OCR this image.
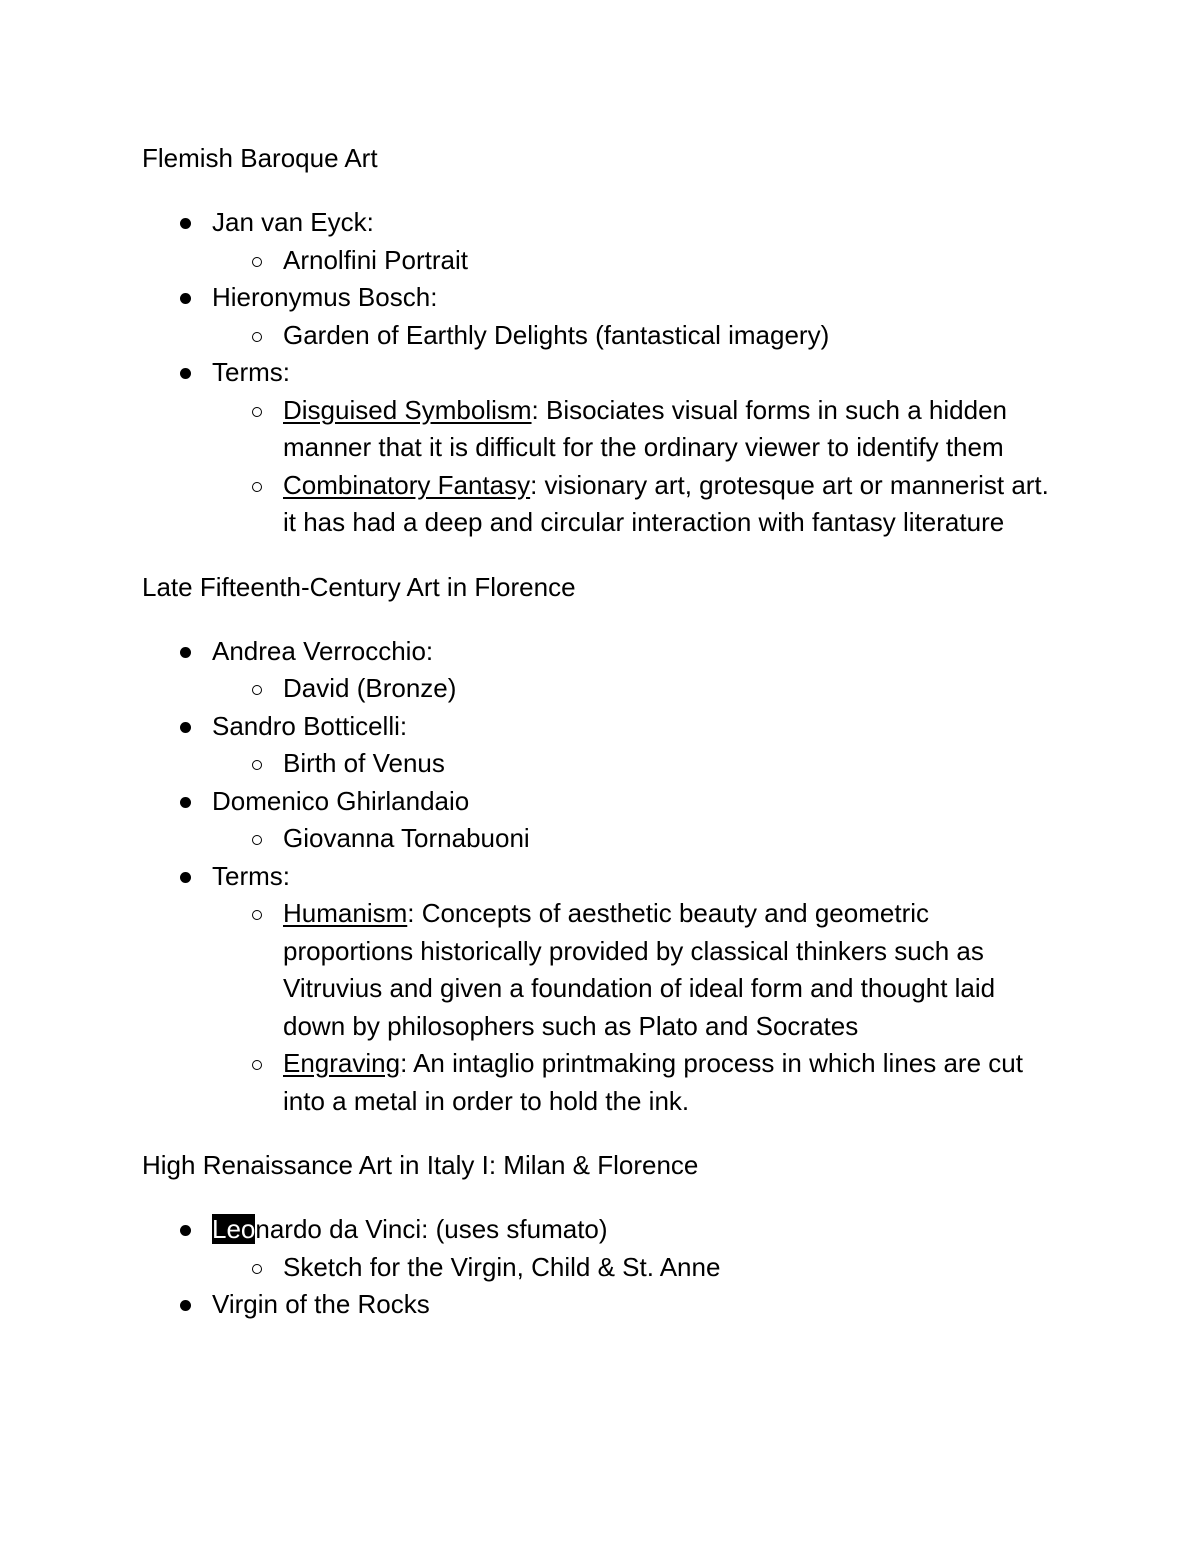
Flemish Baroque Art
Jan van Eyck:
Arnolfini Portrait
Hieronymus Bosch:
Garden of Earthly Delights (fantastical imagery)
Terms:
Disguised Symbolism: Bisociates visual forms in such a hidden manner that it is difficult for the ordinary viewer to identify them
Combinatory Fantasy: visionary art, grotesque art or mannerist art. it has had a deep and circular interaction with fantasy literature
Late Fifteenth-Century Art in Florence
Andrea Verrocchio:
David (Bronze)
Sandro Botticelli:
Birth of Venus
Domenico Ghirlandaio
Giovanna Tornabuoni
Terms:
Humanism: Concepts of aesthetic beauty and geometric proportions historically provided by classical thinkers such as Vitruvius and given a foundation of ideal form and thought laid down by philosophers such as Plato and Socrates
Engraving: An intaglio printmaking process in which lines are cut into a metal in order to hold the ink.
High Renaissance Art in Italy I: Milan & Florence
Leonardo da Vinci: (uses sfumato)
Sketch for the Virgin, Child & St. Anne
Virgin of the Rocks
